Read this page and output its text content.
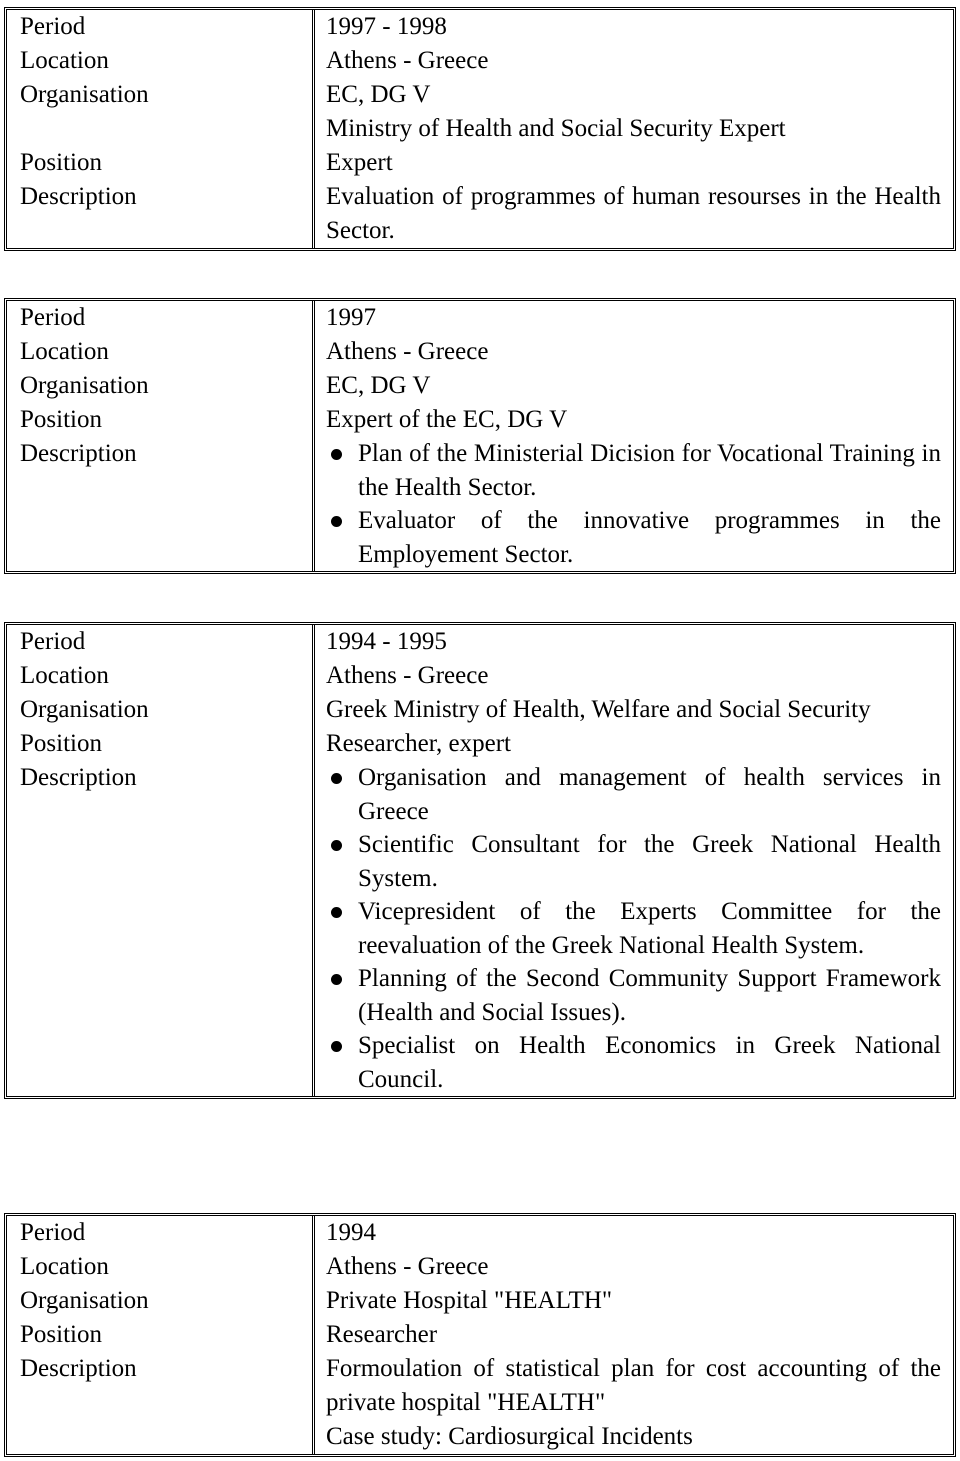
Period	1997 - 1998
Location	Athens - Greece
Organisation	EC, DG V
Ministry of Health and Social Security Expert
Position	Expert
Description	Evaluation of programmes of human resourses in the Health Sector.
Period	1997
Location	Athens - Greece
Organisation	EC, DG V
Position	Expert of the EC, DG V
Description	Plan of the Ministerial Dicision for Vocational Training in the Health Sector.
Evaluator of the innovative programmes in the Employement Sector.
Period	1994 - 1995
Location	Athens - Greece
Organisation	Greek Ministry of Health, Welfare and Social Security
Position	Researcher, expert
Description	Organisation and management of health services in Greece
Scientific Consultant for the Greek National Health System.
Vicepresident of the Experts Committee for the reevaluation of the Greek National Health System.
Planning of the Second Community Support Framework (Health and Social Issues).
Specialist on Health Economics in Greek National Council.
Period	1994
Location	Athens - Greece
Organisation	Private Hospital "HEALTH"
Position	Researcher
Description	Formoulation of statistical plan for cost accounting of the private hospital "HEALTH"
Case study: Cardiosurgical Incidents
